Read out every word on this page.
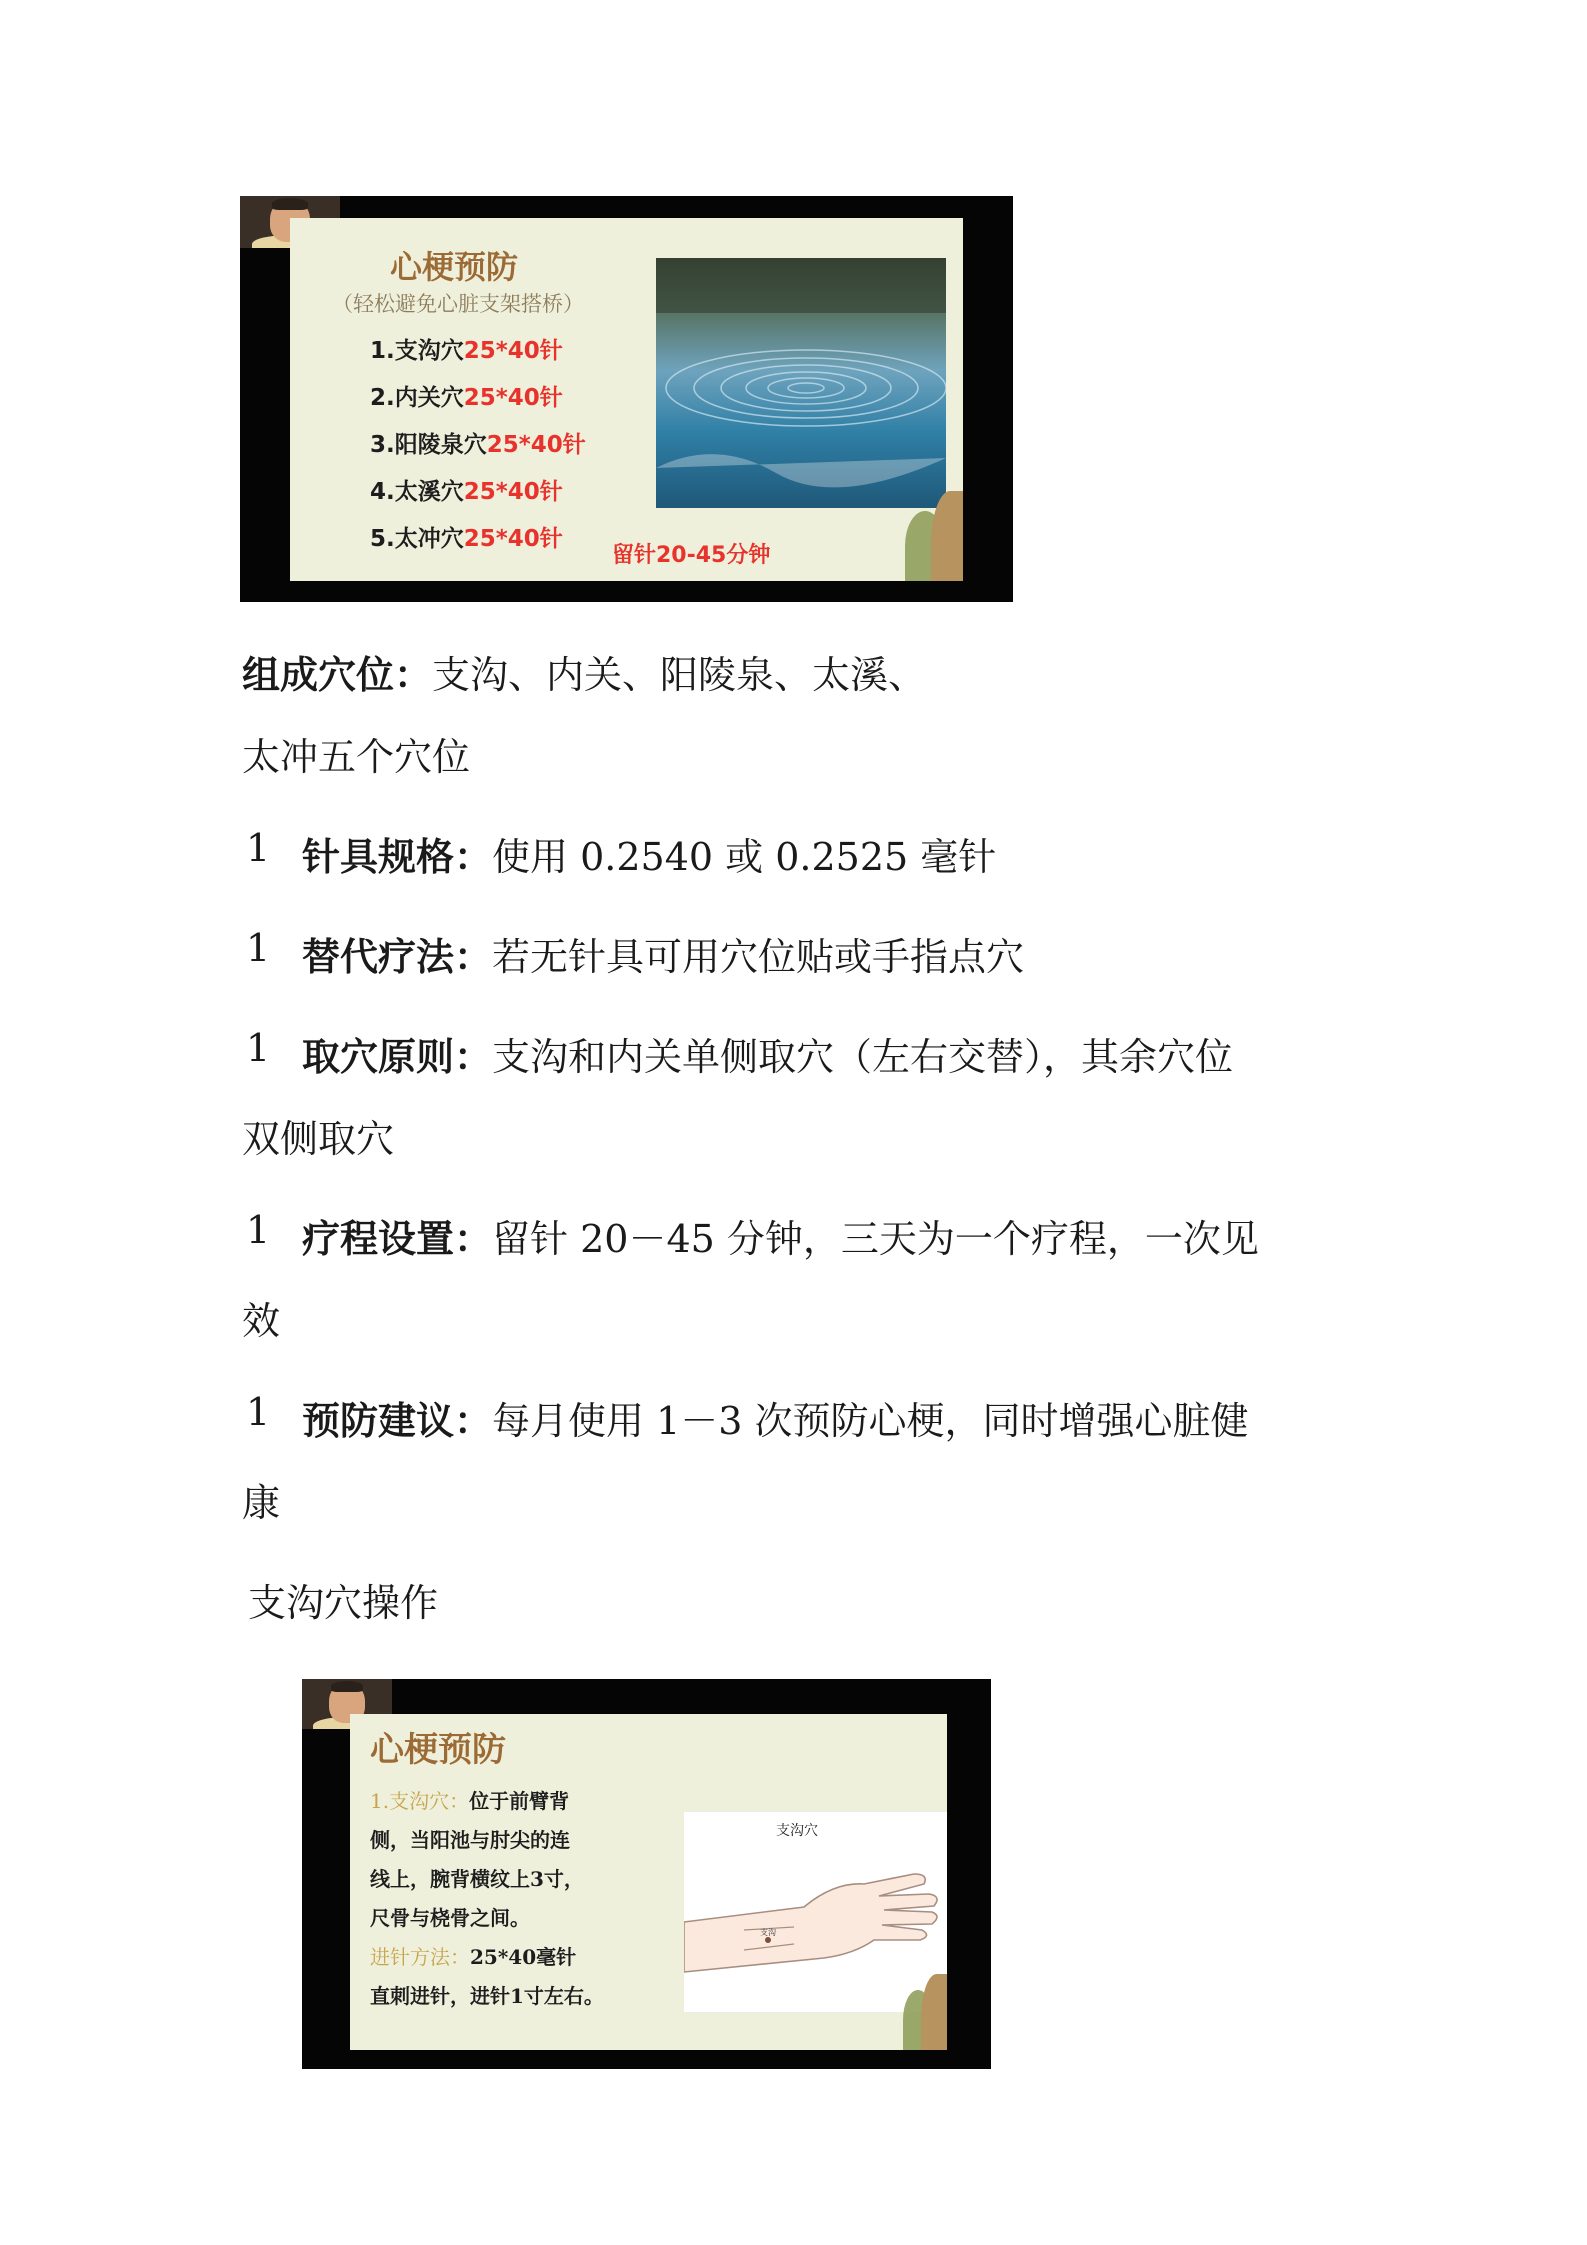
心梗预防
（轻松避免心脏支架搭桥）
1.支沟穴25*40针
2.内关穴25*40针
3.阳陵泉穴25*40针
4.太溪穴25*40针
5.太冲穴25*40针
留针20-45分钟
组成穴位：支沟、内关、阳陵泉、太溪、
太冲五个穴位
1 针具规格：使用 0.2540 或 0.2525 毫针
1 替代疗法：若无针具可用穴位贴或手指点穴
1 取穴原则：支沟和内关单侧取穴（左右交替），其余穴位
双侧取穴
1 疗程设置：留针 20－45 分钟，三天为一个疗程，一次见
效
1 预防建议：每月使用 1－3 次预防心梗，同时增强心脏健
康
支沟穴操作
心梗预防
1.支沟穴：位于前臂背
侧，当阳池与肘尖的连
线上，腕背横纹上3寸，
尺骨与桡骨之间。
进针方法：25*40毫针
直刺进针，进针1寸左右。
支沟穴
支沟
